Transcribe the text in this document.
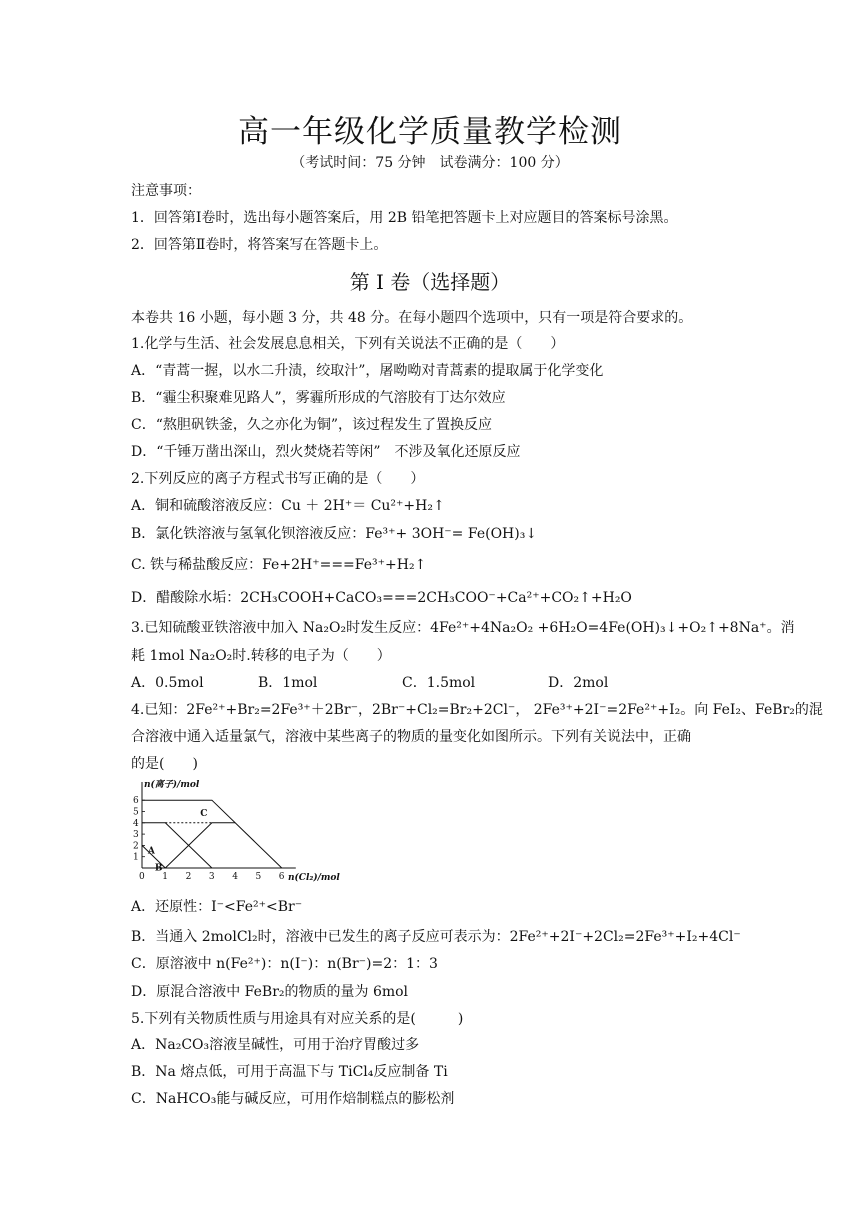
高一年级化学质量教学检测
（考试时间：75 分钟　试卷满分：100 分）
注意事项：
1．回答第Ⅰ卷时，选出每小题答案后，用 2B 铅笔把答题卡上对应题目的答案标号涂黑。
2．回答第Ⅱ卷时，将答案写在答题卡上。
第 I 卷（选择题）
本卷共 16 小题，每小题 3 分，共 48 分。在每小题四个选项中，只有一项是符合要求的。
1.化学与生活、社会发展息息相关，下列有关说法不正确的是（　　）
A．“青蒿一握，以水二升渍，绞取汁”，屠呦呦对青蒿素的提取属于化学变化
B．“霾尘积聚难见路人”，雾霾所形成的气溶胶有丁达尔效应
C．“熬胆矾铁釜，久之亦化为铜”，该过程发生了置换反应
D．“千锤万凿出深山，烈火焚烧若等闲”　不涉及氧化还原反应
2.下列反应的离子方程式书写正确的是（　　）
A．铜和硫酸溶液反应：Cu ＋ 2H⁺＝ Cu²⁺+H₂↑
B．氯化铁溶液与氢氧化钡溶液反应：Fe³⁺+ 3OH⁻= Fe(OH)₃↓
C. 铁与稀盐酸反应：Fe+2H⁺===Fe³⁺+H₂↑
D．醋酸除水垢：2CH₃COOH+CaCO₃===2CH₃COO⁻+Ca²⁺+CO₂↑+H₂O
3.已知硫酸亚铁溶液中加入 Na₂O₂时发生反应：4Fe²⁺+4Na₂O₂ +6H₂O=4Fe(OH)₃↓+O₂↑+8Na⁺。消
耗 1mol Na₂O₂时.转移的电子为（　　）
A．0.5mol	B．1mol	C．1.5mol	D．2mol
4.已知：2Fe²⁺+Br₂=2Fe³⁺＋2Br⁻，2Br⁻+Cl₂=Br₂+2Cl⁻， 2Fe³⁺+2I⁻=2Fe²⁺+I₂。向 FeI₂、FeBr₂的混
合溶液中通入适量氯气，溶液中某些离子的物质的量变化如图所示。下列有关说法中，正确
的是(　　)
n(离子)/mol
n(Cl₂)/mol
A
B
C
0 1 2 3 4 5 6
1
2
3
4
5
6
A．还原性：I⁻<Fe²⁺<Br⁻
B．当通入 2molCl₂时，溶液中已发生的离子反应可表示为：2Fe²⁺+2I⁻+2Cl₂=2Fe³⁺+I₂+4Cl⁻
C．原溶液中 n(Fe²⁺)：n(I⁻)：n(Br⁻)=2：1：3
D．原混合溶液中 FeBr₂的物质的量为 6mol
5.下列有关物质性质与用途具有对应关系的是(　　　)
A．Na₂CO₃溶液呈碱性，可用于治疗胃酸过多
B．Na 熔点低，可用于高温下与 TiCl₄反应制备 Ti
C．NaHCO₃能与碱反应，可用作焙制糕点的膨松剂
